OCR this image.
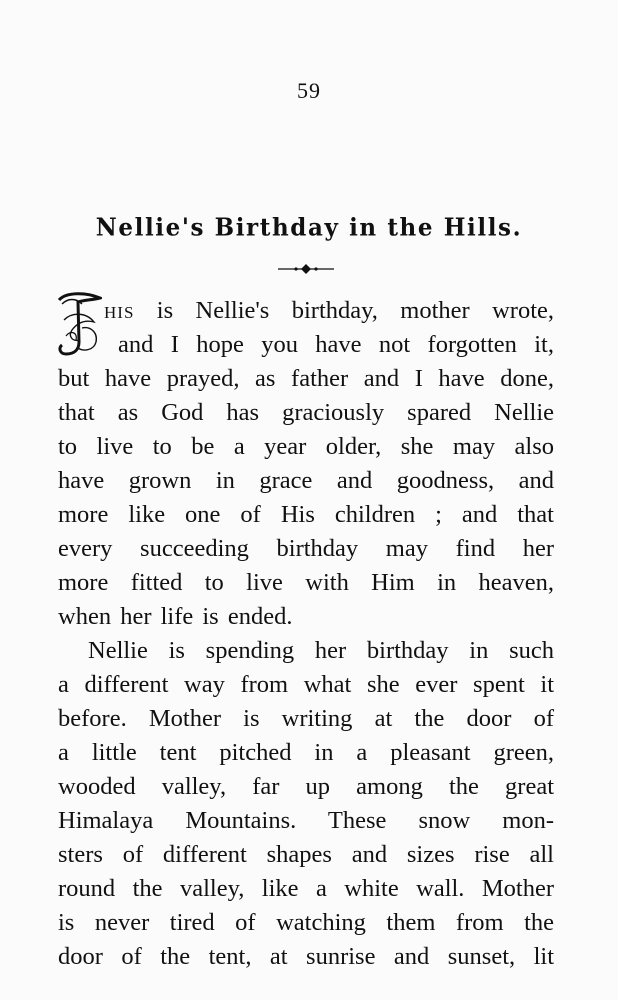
59
Nellie's Birthday in the Hills.
HIS is Nellie's birthday, mother wrote,
and I hope you have not forgotten it,
but have prayed, as father and I have done,
that as God has graciously spared Nellie
to live to be a year older, she may also
have grown in grace and goodness, and
more like one of His children ; and that
every succeeding birthday may find her
more fitted to live with Him in heaven,
when her life is ended.
Nellie is spending her birthday in such
a different way from what she ever spent it
before. Mother is writing at the door of
a little tent pitched in a pleasant green,
wooded valley, far up among the great
Himalaya Mountains. These snow mon-
sters of different shapes and sizes rise all
round the valley, like a white wall. Mother
is never tired of watching them from the
door of the tent, at sunrise and sunset, lit
